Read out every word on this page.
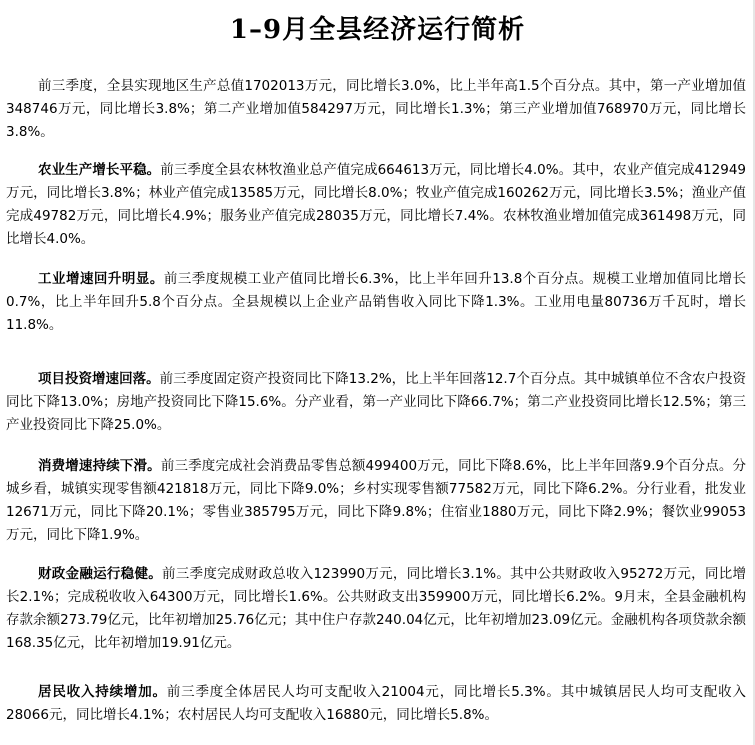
1–9月全县经济运行简析

前三季度，全县实现地区生产总值1702013万元，同比增长3.0%，比上半年高1.5个百分点。其中，第一产业增加值348746万元，同比增长3.8%；第二产业增加值584297万元，同比增长1.3%；第三产业增加值768970万元，同比增长3.8%。

农业生产增长平稳。前三季度全县农林牧渔业总产值完成664613万元，同比增长4.0%。其中，农业产值完成412949万元，同比增长3.8%；林业产值完成13585万元，同比增长8.0%；牧业产值完成160262万元，同比增长3.5%；渔业产值完成49782万元，同比增长4.9%；服务业产值完成28035万元，同比增长7.4%。农林牧渔业增加值完成361498万元，同比增长4.0%。

工业增速回升明显。前三季度规模工业产值同比增长6.3%，比上半年回升13.8个百分点。规模工业增加值同比增长0.7%，比上半年回升5.8个百分点。全县规模以上企业产品销售收入同比下降1.3%。工业用电量80736万千瓦时，增长11.8%。

项目投资增速回落。前三季度固定资产投资同比下降13.2%，比上半年回落12.7个百分点。其中城镇单位不含农户投资同比下降13.0%；房地产投资同比下降15.6%。分产业看，第一产业同比下降66.7%；第二产业投资同比增长12.5%；第三产业投资同比下降25.0%。

消费增速持续下滑。前三季度完成社会消费品零售总额499400万元，同比下降8.6%，比上半年回落9.9个百分点。分城乡看，城镇实现零售额421818万元，同比下降9.0%；乡村实现零售额77582万元，同比下降6.2%。分行业看，批发业12671万元，同比下降20.1%；零售业385795万元，同比下降9.8%；住宿业1880万元，同比下降2.9%；餐饮业99053万元，同比下降1.9%。

财政金融运行稳健。前三季度完成财政总收入123990万元，同比增长3.1%。其中公共财政收入95272万元，同比增长2.1%；完成税收收入64300万元，同比增长1.6%。公共财政支出359900万元，同比增长6.2%。9月末，全县金融机构存款余额273.79亿元，比年初增加25.76亿元；其中住户存款240.04亿元，比年初增加23.09亿元。金融机构各项贷款余额168.35亿元，比年初增加19.91亿元。

居民收入持续增加。前三季度全体居民人均可支配收入21004元，同比增长5.3%。其中城镇居民人均可支配收入28066元，同比增长4.1%；农村居民人均可支配收入16880元，同比增长5.8%。
